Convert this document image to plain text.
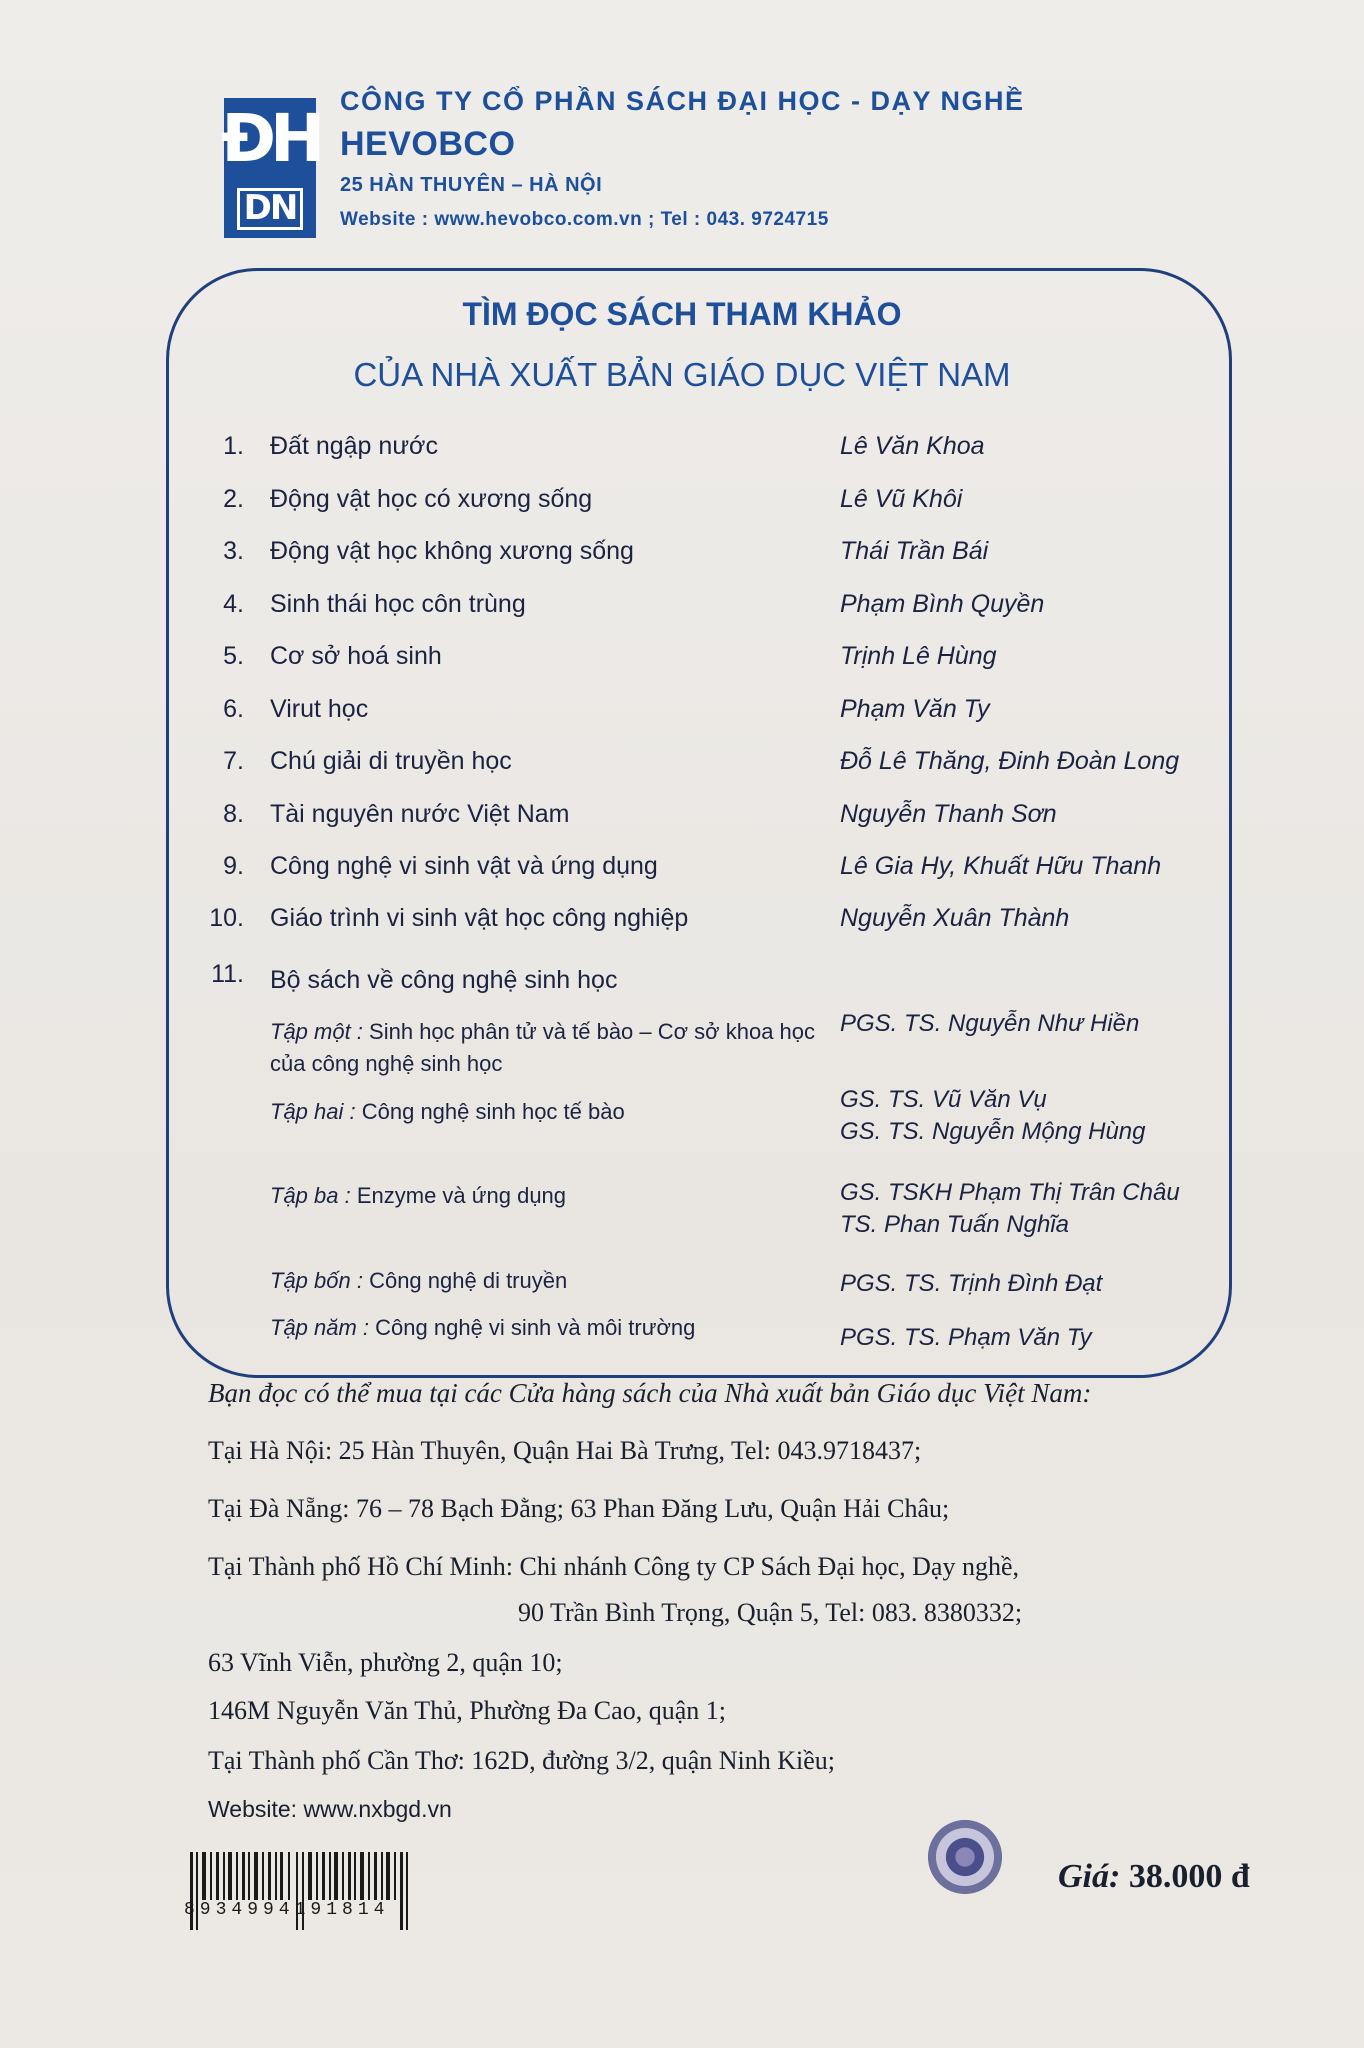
ĐH
DN
CÔNG TY CỔ PHẦN SÁCH ĐẠI HỌC - DẠY NGHỀ
HEVOBCO
25 HÀN THUYÊN – HÀ NỘI
Website : www.hevobco.com.vn ; Tel : 043. 9724715
TÌM ĐỌC SÁCH THAM KHẢO
CỦA NHÀ XUẤT BẢN GIÁO DỤC VIỆT NAM
1. Đất ngập nước	Lê Văn Khoa
2. Động vật học có xương sống	Lê Vũ Khôi
3. Động vật học không xương sống	Thái Trần Bái
4. Sinh thái học côn trùng	Phạm Bình Quyền
5. Cơ sở hoá sinh	Trịnh Lê Hùng
6. Virut học	Phạm Văn Ty
7. Chú giải di truyền học	Đỗ Lê Thăng, Đinh Đoàn Long
8. Tài nguyên nước Việt Nam	Nguyễn Thanh Sơn
9. Công nghệ vi sinh vật và ứng dụng	Lê Gia Hy, Khuất Hữu Thanh
10. Giáo trình vi sinh vật học công nghiệp	Nguyễn Xuân Thành
11. Bộ sách về công nghệ sinh học
Tập một : Sinh học phân tử và tế bào – Cơ sở khoa học của công nghệ sinh học
PGS. TS. Nguyễn Như Hiền
Tập hai : Công nghệ sinh học tế bào	GS. TS. Vũ Văn Vụ
GS. TS. Nguyễn Mộng Hùng
Tập ba : Enzyme và ứng dụng	GS. TSKH Phạm Thị Trân Châu
TS. Phan Tuấn Nghĩa
Tập bốn : Công nghệ di truyền	PGS. TS. Trịnh Đình Đạt
Tập năm : Công nghệ vi sinh và môi trường	PGS. TS. Phạm Văn Ty
Bạn đọc có thể mua tại các Cửa hàng sách của Nhà xuất bản Giáo dục Việt Nam:
Tại Hà Nội: 25 Hàn Thuyên, Quận Hai Bà Trưng, Tel: 043.9718437;
Tại Đà Nẵng: 76 – 78 Bạch Đằng; 63 Phan Đăng Lưu, Quận Hải Châu;
Tại Thành phố Hồ Chí Minh: Chi nhánh Công ty CP Sách Đại học, Dạy nghề,
90 Trần Bình Trọng, Quận 5, Tel: 083. 8380332;
63 Vĩnh Viễn, phường 2, quận 10;
146M Nguyễn Văn Thủ, Phường Đa Cao, quận 1;
Tại Thành phố Cần Thơ: 162D, đường 3/2, quận Ninh Kiều;
Website: www.nxbgd.vn
8934994191814
Giá: 38.000 đ
